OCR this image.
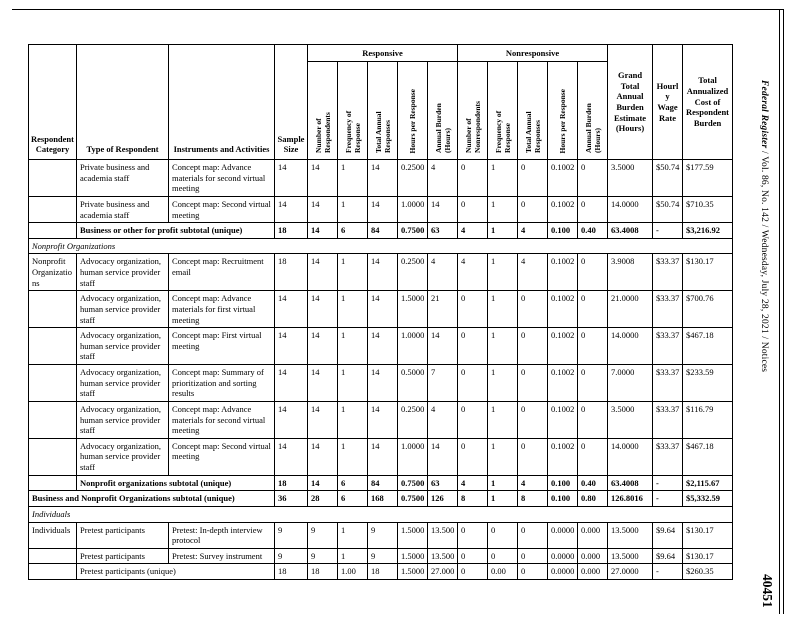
Respondent Category	Type of Respondent	Instruments and Activities	Sample Size	Responsive					Nonresponsive					Grand Total Annual Burden Estimate (Hours)	Hourly Wage Rate	Total Annualized Cost of Respondent Burden
				Number of Respondents	Frequency of Response	Total Annual Responses	Hours per Response	Annual Burden (Hours)	Number of Nonrespondents	Frequency of Response	Total Annual Responses	Hours per Response	Annual Burden (Hours)			
	Private business and academia staff	Concept map: Advance materials for second virtual meeting	14	14	1	14	0.2500	4	0	1	0	0.1002	0	3.5000	$50.74	$177.59
	Private business and academia staff	Concept map: Second virtual meeting	14	14	1	14	1.0000	14	0	1	0	0.1002	0	14.0000	$50.74	$710.35
	Business or other for profit subtotal (unique)		18	14	6	84	0.7500	63	4	1	4	0.100	0.40	63.4008	-	$3,216.92
Nonprofit Organizations																
Nonprofit Organizations	Advocacy organization, human service provider staff	Concept map: Recruitment email	18	14	1	14	0.2500	4	4	1	4	0.1002	0	3.9008	$33.37	$130.17
	Advocacy organization, human service provider staff	Concept map: Advance materials for first virtual meeting	14	14	1	14	1.5000	21	0	1	0	0.1002	0	21.0000	$33.37	$700.76
	Advocacy organization, human service provider staff	Concept map: First virtual meeting	14	14	1	14	1.0000	14	0	1	0	0.1002	0	14.0000	$33.37	$467.18
	Advocacy organization, human service provider staff	Concept map: Summary of prioritization and sorting results	14	14	1	14	0.5000	7	0	1	0	0.1002	0	7.0000	$33.37	$233.59
	Advocacy organization, human service provider staff	Concept map: Advance materials for second virtual meeting	14	14	1	14	0.2500	4	0	1	0	0.1002	0	3.5000	$33.37	$116.79
	Advocacy organization, human service provider staff	Concept map: Second virtual meeting	14	14	1	14	1.0000	14	0	1	0	0.1002	0	14.0000	$33.37	$467.18
	Nonprofit organizations subtotal (unique)		18	14	6	84	0.7500	63	4	1	4	0.100	0.40	63.4008	-	$2,115.67
Business and Nonprofit Organizations subtotal (unique)			36	28	6	168	0.7500	126	8	1	8	0.100	0.80	126.8016	-	$5,332.59
Individuals																
Individuals	Pretest participants	Pretest: In-depth interview protocol	9	9	1	9	1.5000	13.500	0	0	0	0.0000	0.000	13.5000	$9.64	$130.17
	Pretest participants	Pretest: Survey instrument	9	9	1	9	1.5000	13.500	0	0	0	0.0000	0.000	13.5000	$9.64	$130.17
	Pretest participants (unique)		18	18	1.00	18	1.5000	27.000	0	0.00	0	0.0000	0.000	27.0000	-	$260.35
Federal Register / Vol. 86, No. 142 / Wednesday, July 28, 2021 / Notices
40451
